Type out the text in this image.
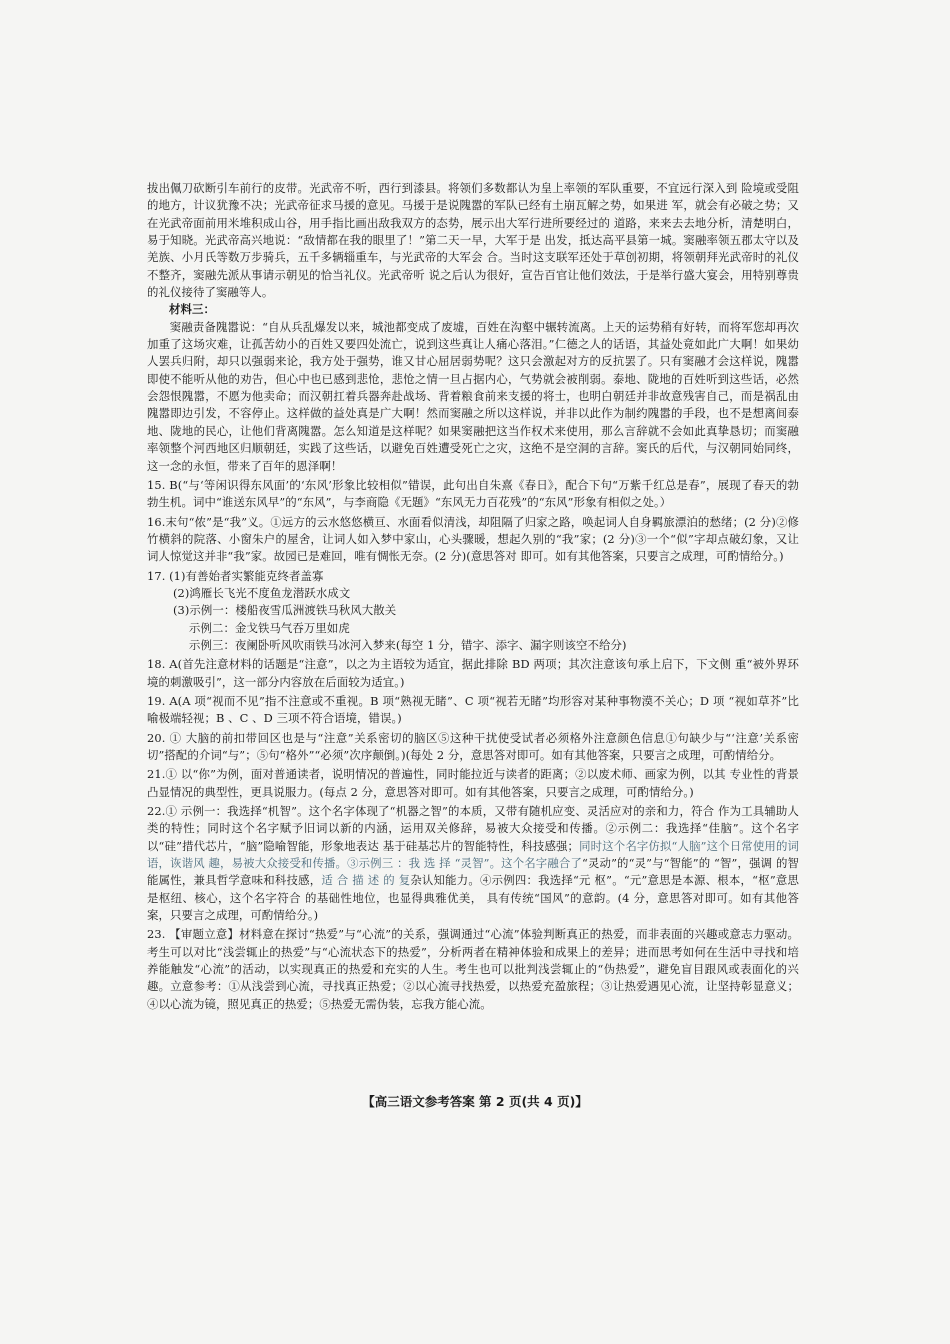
拔出佩刀砍断引车前行的皮带。光武帝不听，西行到漆县。将领们多数都认为皇上率领的军队重要，不宜远行深入到 险境或受阻的地方，计议犹豫不决；光武帝征求马援的意见。马援于是说隗嚣的军队已经有土崩瓦解之势，如果进 军，就会有必破之势；又在光武帝面前用米堆积成山谷，用手指比画出敌我双方的态势，展示出大军行进所要经过的 道路，来来去去地分析，清楚明白，易于知晓。光武帝高兴地说：“敌情都在我的眼里了！”第二天一早，大军于是 出发，抵达高平县第一城。窦融率领五郡太守以及羌族、小月氏等数万步骑兵，五千多辆辎重车，与光武帝的大军会 合。当时这支联军还处于草创初期，将领朝拜光武帝时的礼仪不整齐，窦融先派从事请示朝见的恰当礼仪。光武帝听 说之后认为很好，宣告百官让他们效法，于是举行盛大宴会，用特别尊贵的礼仪接待了窦融等人。

材料三：

窦融责备隗嚣说：“自从兵乱爆发以来，城池都变成了废墟，百姓在沟壑中辗转流离。上天的运势稍有好转，而将军您却再次加重了这场灾难，让孤苦幼小的百姓又要四处流亡，说到这些真让人痛心落泪。”仁德之人的话语，其益处竟如此广大啊！如果幼人罢兵归附，却只以强弱来论，我方处于强势，谁又甘心屈居弱势呢？这只会激起对方的反抗罢了。只有窦融才会这样说，隗嚣即使不能听从他的劝告，但心中也已感到悲怆，悲怆之情一旦占据内心，气势就会被削弱。泰地、陇地的百姓听到这些话，必然会怨恨隗嚣，不愿为他卖命；而汉朝扛着兵器奔赴战场、背着粮食前来支援的将士，也明白朝廷并非故意残害自己，而是祸乱由隗嚣即边引发，不容停止。这样做的益处真是广大啊！然而窦融之所以这样说，并非以此作为制约隗嚣的手段，也不是想离间泰地、陇地的民心，让他们背离隗嚣。怎么知道是这样呢？如果窦融把这当作权术来使用，那么言辞就不会如此真挚恳切；而窦融率领整个河西地区归顺朝廷，实践了这些话，以避免百姓遭受死亡之灾，这绝不是空洞的言辞。窦氏的后代，与汉朝同始同终，这一念的永恒，带来了百年的恩泽啊！

15. B(“与‘等闲识得东风面’的‘东风’形象比较相似”错误，此句出自朱熹《春日》，配合下句“万紫千红总是春”，展现了春天的勃勃生机。词中“谁送东风早”的“东风”，与李商隐《无题》“东风无力百花残”的“东风”形象有相似之处。）

16.末句“侬”是“我”义。①远方的云水悠悠横亘、水面看似清浅，却阻隔了归家之路，唤起词人自身羁旅漂泊的愁绪；(2 分)②修竹横斜的院落、小窗朱户的屋舍，让词人如入梦中家山，心头骤暖，想起久别的“我”家；(2 分)③一个“似”字却点破幻象，又让词人惊觉这并非“我”家。故园已是难回，唯有惆怅无奈。(2 分)(意思答对 即可。如有其他答案，只要言之成理，可酌情给分。)

17. (1)有善始者实繁能克终者盖寡

(2)鸿雁长飞光不度鱼龙潜跃水成文

(3)示例一：楼船夜雪瓜洲渡铁马秋风大散关

示例二：金戈铁马气吞万里如虎

示例三：夜阑卧听风吹雨铁马冰河入梦来(每空 1 分，错字、添字、漏字则该空不给分)

18. A(首先注意材料的话题是“注意”，以之为主语较为适宜，据此排除 BD 两项；其次注意该句承上启下，下文侧 重“被外界环境的刺激吸引”，这一部分内容放在后面较为适宜。)

19. A(A 项“视而不见”指不注意或不重视。B 项“熟视无睹”、C 项“视若无睹”均形容对某种事物漠不关心；D 项 “视如草芥”比喻极端轻视；B 、C 、D 三项不符合语境，错误。)

20. ① 大脑的前扣带回区也是与“注意”关系密切的脑区⑤这种干扰使受试者必须格外注意颜色信息①句缺少与“‘注意’关系密切”搭配的介词“与”；⑤句“格外”“必须”次序颠倒。)(每处 2 分，意思答对即可。如有其他答案，只要言之成理，可酌情给分。

21.① 以“你”为例，面对普通读者，说明情况的普遍性，同时能拉近与读者的距离；②以废术师、画家为例，以其 专业性的背景凸显情况的典型性，更具说服力。(每点 2 分，意思答对即可。如有其他答案，只要言之成理，可酌情给分。)

22.① 示例一：我选择“机智”。这个名字体现了“机器之智”的本质，又带有随机应变、灵活应对的亲和力，符合 作为工具辅助人类的特性；同时这个名字赋予旧词以新的内涵，运用双关修辞，易被大众接受和传播。②示例二：我选择“佳脑”。这个名字以“硅”措代芯片，“脑”隐喻智能，形象地表达 基于硅基芯片的智能特性，科技感强；同时这个名字仿拟“人脑”这个日常使用的词语，诙谐风 趣，易被大众接受和传播。③示例三 ：我 选 择 “灵智”。这个名字融合了“灵动”的“灵”与“智能”的 “智”，强调 的智能属性，兼具哲学意味和科技感，适 合 描 述 的 复杂认知能力。④示例四：我选择“元 枢”。“元”意思是本源、根本，“枢”意思是枢纽、核心，这个名字符合 的基础性地位，也显得典雅优美， 具有传统“国风”的意韵。(4 分，意思答对即可。如有其他答案，只要言之成理，可酌情给分。)

23. 【审题立意】材料意在探讨“热爱”与“心流”的关系，强调通过“心流”体验判断真正的热爱，而非表面的兴趣或意志力驱动。考生可以对比“浅尝辄止的热爱”与“心流状态下的热爱”，分析两者在精神体验和成果上的差异；进而思考如何在生活中寻找和培养能触发“心流”的活动，以实现真正的热爱和充实的人生。考生也可以批判浅尝辄止的“伪热爱”，避免盲目跟风或表面化的兴趣。立意参考：①从浅尝到心流，寻找真正热爱；②以心流寻找热爱，以热爱充盈旅程；③让热爱遇见心流，让坚持彰显意义；④以心流为镜，照见真正的热爱；⑤热爱无需伪装，忘我方能心流。

【高三语文参考答案 第 2 页(共 4 页)】
